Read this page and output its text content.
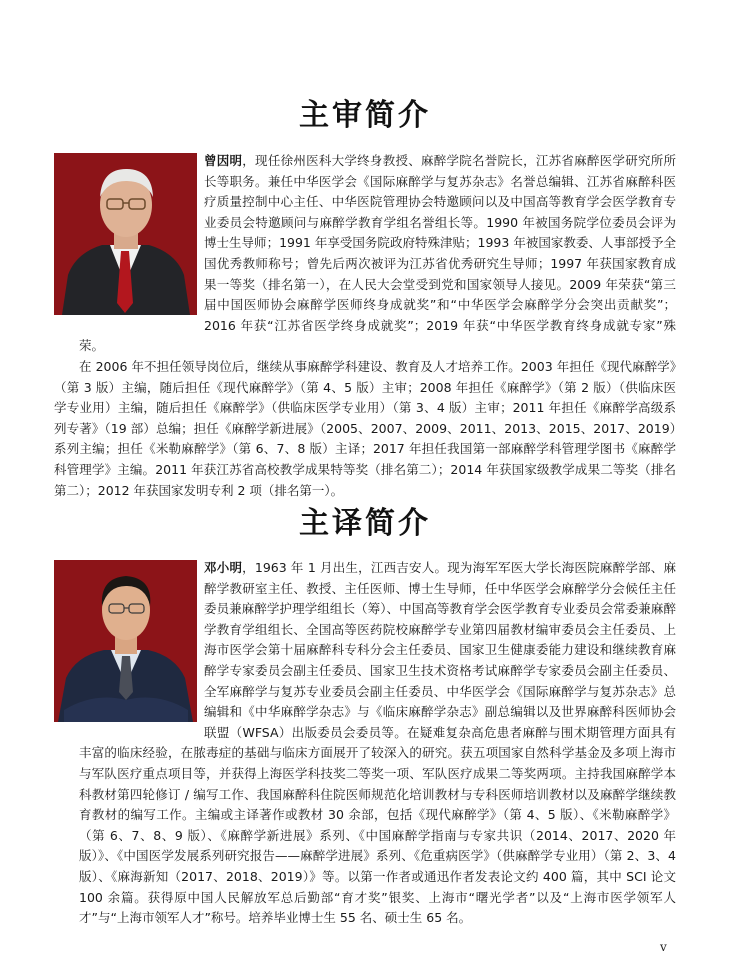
主审简介

曾因明，现任徐州医科大学终身教授、麻醉学院名誉院长，江苏省麻醉医学研究所所长等职务。兼任中华医学会《国际麻醉学与复苏杂志》名誉总编辑、江苏省麻醉科医疗质量控制中心主任、中华医院管理协会特邀顾问以及中国高等教育学会医学教育专业委员会特邀顾问与麻醉学教育学组名誉组长等。1990 年被国务院学位委员会评为博士生导师；1991 年享受国务院政府特殊津贴；1993 年被国家教委、人事部授予全国优秀教师称号；曾先后两次被评为江苏省优秀研究生导师；1997 年获国家教育成果一等奖（排名第一），在人民大会堂受到党和国家领导人接见。2009 年荣获“第三届中国医师协会麻醉学医师终身成就奖”和“中华医学会麻醉学分会突出贡献奖”；2016 年获“江苏省医学终身成就奖”；2019 年获“中华医学教育终身成就专家”殊荣。

在 2006 年不担任领导岗位后，继续从事麻醉学科建设、教育及人才培养工作。2003 年担任《现代麻醉学》（第 3 版）主编，随后担任《现代麻醉学》（第 4、5 版）主审；2008 年担任《麻醉学》（第 2 版）（供临床医学专业用）主编，随后担任《麻醉学》（供临床医学专业用）（第 3、4 版）主审；2011 年担任《麻醉学高级系列专著》（19 部）总编；担任《麻醉学新进展》（2005、2007、2009、2011、2013、2015、2017、2019）系列主编；担任《米勒麻醉学》（第 6、7、8 版）主译；2017 年担任我国第一部麻醉学科管理学图书《麻醉学科管理学》主编。2011 年获江苏省高校教学成果特等奖（排名第二）；2014 年获国家级教学成果二等奖（排名第二）；2012 年获国家发明专利 2 项（排名第一）。

主译简介

邓小明，1963 年 1 月出生，江西吉安人。现为海军军医大学长海医院麻醉学部、麻醉学教研室主任、教授、主任医师、博士生导师，任中华医学会麻醉学分会候任主任委员兼麻醉学护理学组组长（筹）、中国高等教育学会医学教育专业委员会常委兼麻醉学教育学组组长、全国高等医药院校麻醉学专业第四届教材编审委员会主任委员、上海市医学会第十届麻醉科专科分会主任委员、国家卫生健康委能力建设和继续教育麻醉学专家委员会副主任委员、国家卫生技术资格考试麻醉学专家委员会副主任委员、全军麻醉学与复苏专业委员会副主任委员、中华医学会《国际麻醉学与复苏杂志》总编辑和《中华麻醉学杂志》与《临床麻醉学杂志》副总编辑以及世界麻醉科医师协会联盟（WFSA）出版委员会委员等。在疑难复杂高危患者麻醉与围术期管理方面具有丰富的临床经验，在脓毒症的基础与临床方面展开了较深入的研究。获五项国家自然科学基金及多项上海市与军队医疗重点项目等，并获得上海医学科技奖二等奖一项、军队医疗成果二等奖两项。主持我国麻醉学本科教材第四轮修订 / 编写工作、我国麻醉科住院医师规范化培训教材与专科医师培训教材以及麻醉学继续教育教材的编写工作。主编或主译著作或教材 30 余部，包括《现代麻醉学》（第 4、5 版）、《米勒麻醉学》（第 6、7、8、9 版）、《麻醉学新进展》系列、《中国麻醉学指南与专家共识（2014、2017、2020 年版）》、《中国医学发展系列研究报告——麻醉学进展》系列、《危重病医学》（供麻醉学专业用）（第 2、3、4 版）、《麻海新知（2017、2018、2019）》等。以第一作者或通迅作者发表论文约 400 篇，其中 SCI 论文 100 余篇。获得原中国人民解放军总后勤部“育才奖”银奖、上海市“曙光学者”以及“上海市医学领军人才”与“上海市领军人才”称号。培养毕业博士生 55 名、硕士生 65 名。

v
